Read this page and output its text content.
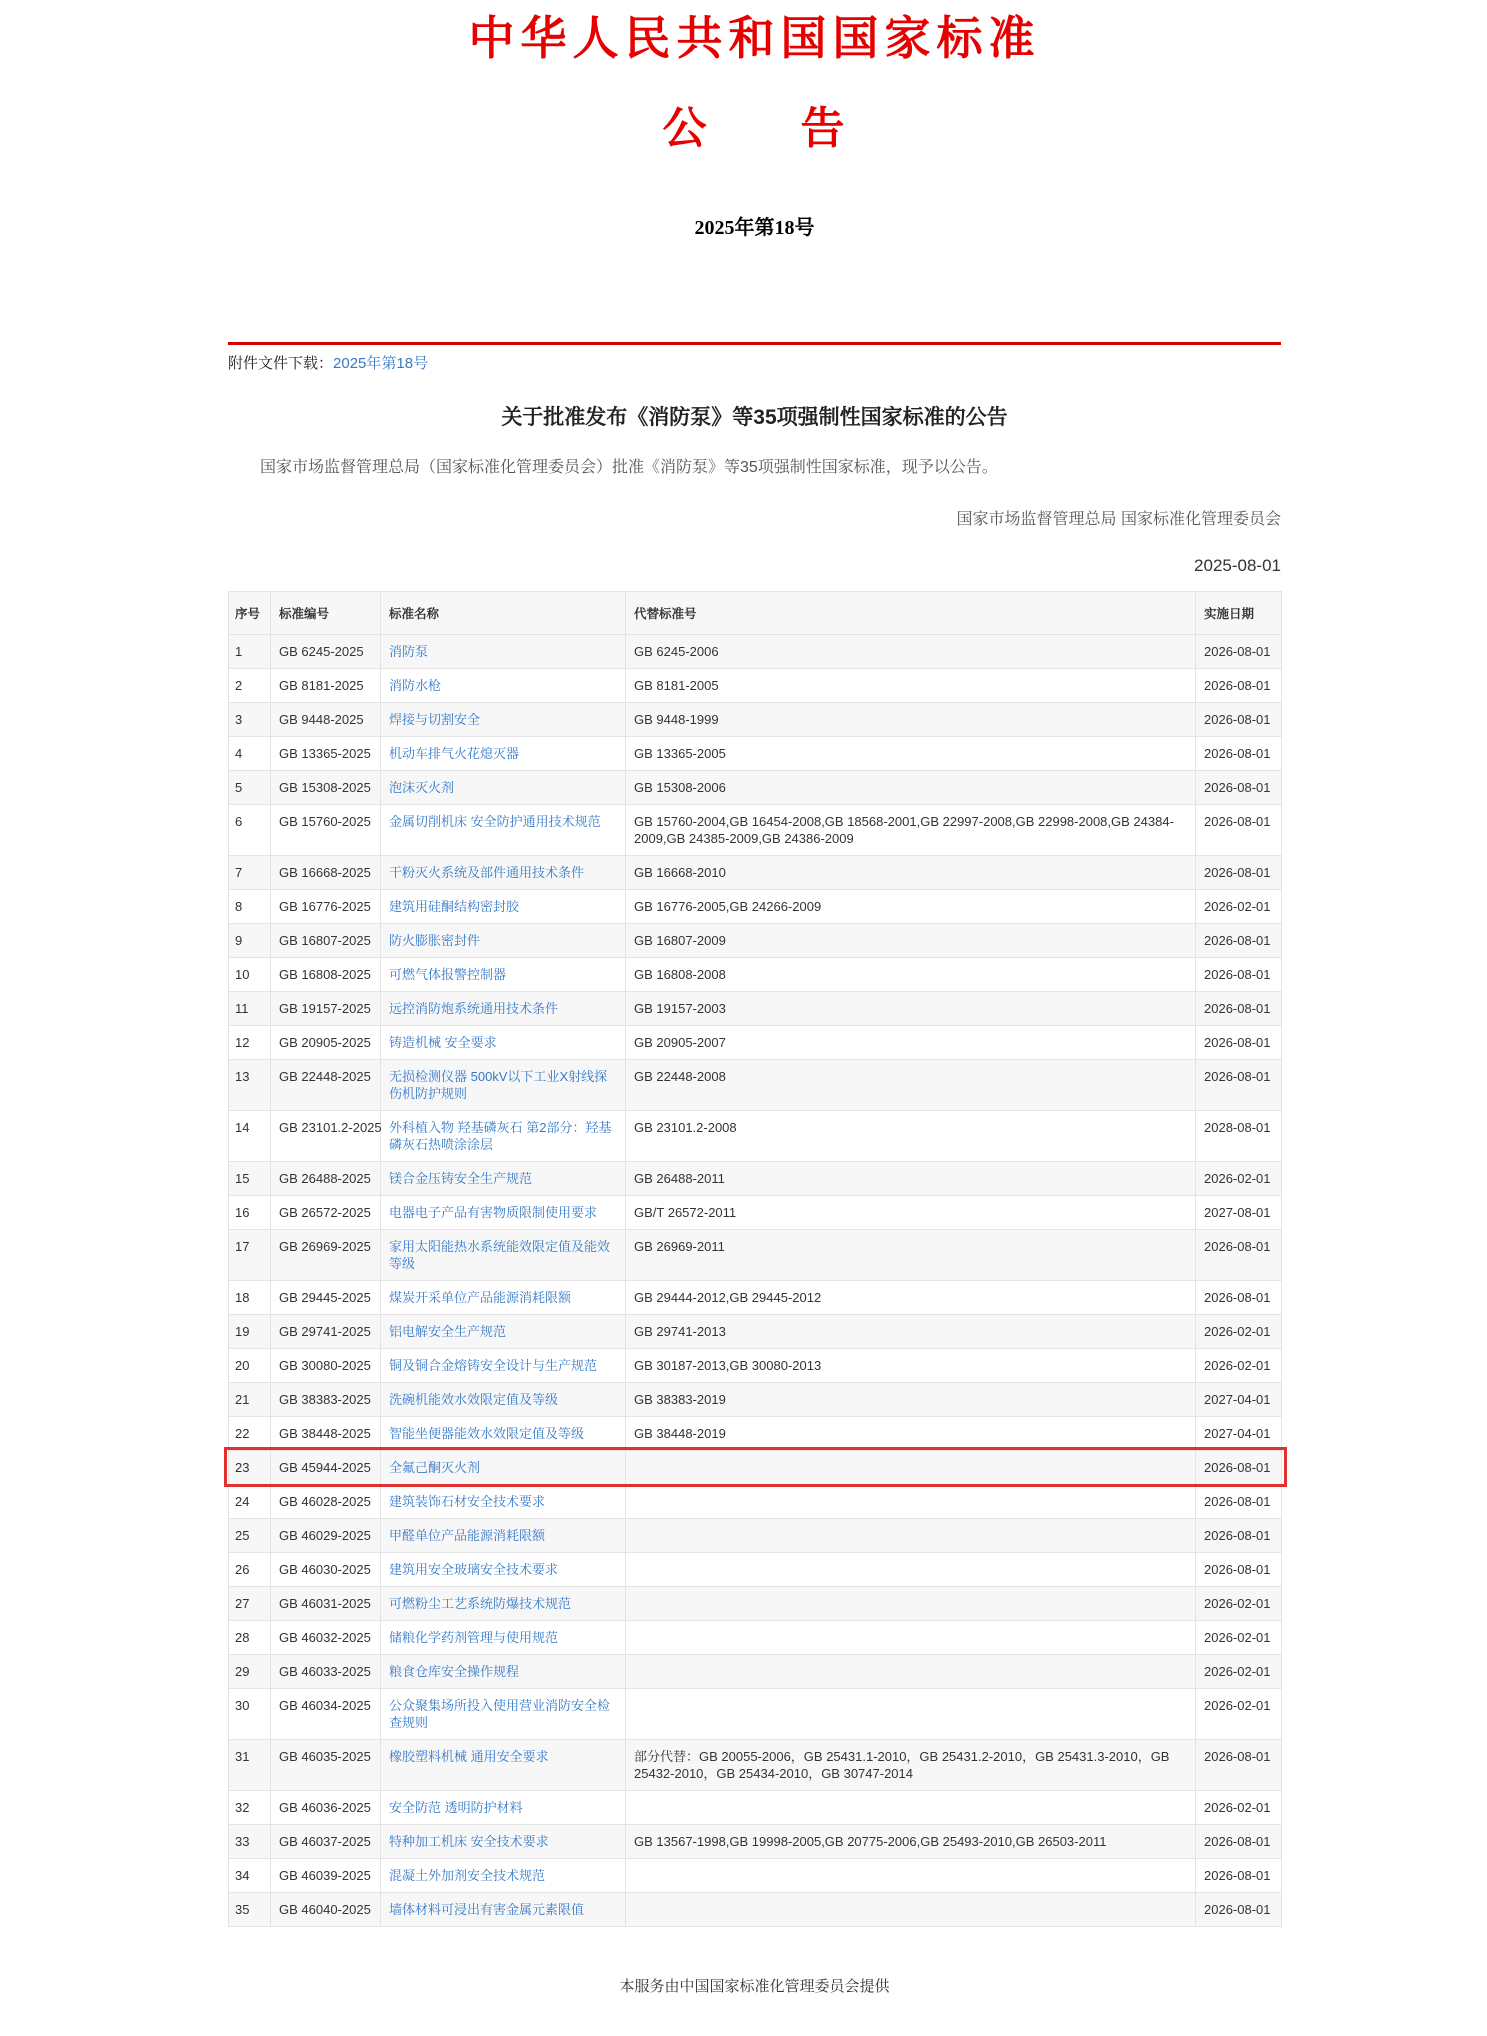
中华人民共和国国家标准
公　　告
2025年第18号
附件文件下载：2025年第18号
关于批准发布《消防泵》等35项强制性国家标准的公告
国家市场监督管理总局（国家标准化管理委员会）批准《消防泵》等35项强制性国家标准，现予以公告。
国家市场监督管理总局 国家标准化管理委员会
2025-08-01
序号	标准编号	标准名称	代替标准号	实施日期
1	GB 6245-2025	消防泵	GB 6245-2006	2026-08-01
2	GB 8181-2025	消防水枪	GB 8181-2005	2026-08-01
3	GB 9448-2025	焊接与切割安全	GB 9448-1999	2026-08-01
4	GB 13365-2025	机动车排气火花熄灭器	GB 13365-2005	2026-08-01
5	GB 15308-2025	泡沫灭火剂	GB 15308-2006	2026-08-01
6	GB 15760-2025	金属切削机床 安全防护通用技术规范	GB 15760-2004,GB 16454-2008,GB 18568-2001,GB 22997-2008,GB 22998-2008,GB 24384-2009,GB 24385-2009,GB 24386-2009	2026-08-01
7	GB 16668-2025	干粉灭火系统及部件通用技术条件	GB 16668-2010	2026-08-01
8	GB 16776-2025	建筑用硅酮结构密封胶	GB 16776-2005,GB 24266-2009	2026-02-01
9	GB 16807-2025	防火膨胀密封件	GB 16807-2009	2026-08-01
10	GB 16808-2025	可燃气体报警控制器	GB 16808-2008	2026-08-01
11	GB 19157-2025	远控消防炮系统通用技术条件	GB 19157-2003	2026-08-01
12	GB 20905-2025	铸造机械 安全要求	GB 20905-2007	2026-08-01
13	GB 22448-2025	无损检测仪器 500kV以下工业X射线探伤机防护规则	GB 22448-2008	2026-08-01
14	GB 23101.2-2025	外科植入物 羟基磷灰石 第2部分：羟基磷灰石热喷涂涂层	GB 23101.2-2008	2028-08-01
15	GB 26488-2025	镁合金压铸安全生产规范	GB 26488-2011	2026-02-01
16	GB 26572-2025	电器电子产品有害物质限制使用要求	GB/T 26572-2011	2027-08-01
17	GB 26969-2025	家用太阳能热水系统能效限定值及能效等级	GB 26969-2011	2026-08-01
18	GB 29445-2025	煤炭开采单位产品能源消耗限额	GB 29444-2012,GB 29445-2012	2026-08-01
19	GB 29741-2025	铝电解安全生产规范	GB 29741-2013	2026-02-01
20	GB 30080-2025	铜及铜合金熔铸安全设计与生产规范	GB 30187-2013,GB 30080-2013	2026-02-01
21	GB 38383-2025	洗碗机能效水效限定值及等级	GB 38383-2019	2027-04-01
22	GB 38448-2025	智能坐便器能效水效限定值及等级	GB 38448-2019	2027-04-01
23	GB 45944-2025	全氟己酮灭火剂		2026-08-01
24	GB 46028-2025	建筑装饰石材安全技术要求		2026-08-01
25	GB 46029-2025	甲醛单位产品能源消耗限额		2026-08-01
26	GB 46030-2025	建筑用安全玻璃安全技术要求		2026-08-01
27	GB 46031-2025	可燃粉尘工艺系统防爆技术规范		2026-02-01
28	GB 46032-2025	储粮化学药剂管理与使用规范		2026-02-01
29	GB 46033-2025	粮食仓库安全操作规程		2026-02-01
30	GB 46034-2025	公众聚集场所投入使用营业消防安全检查规则		2026-02-01
31	GB 46035-2025	橡胶塑料机械 通用安全要求	部分代替：GB 20055-2006，GB 25431.1-2010，GB 25431.2-2010，GB 25431.3-2010，GB 25432-2010，GB 25434-2010，GB 30747-2014	2026-08-01
32	GB 46036-2025	安全防范 透明防护材料		2026-02-01
33	GB 46037-2025	特种加工机床 安全技术要求	GB 13567-1998,GB 19998-2005,GB 20775-2006,GB 25493-2010,GB 26503-2011	2026-08-01
34	GB 46039-2025	混凝土外加剂安全技术规范		2026-08-01
35	GB 46040-2025	墙体材料可浸出有害金属元素限值		2026-08-01
本服务由中国国家标准化管理委员会提供
